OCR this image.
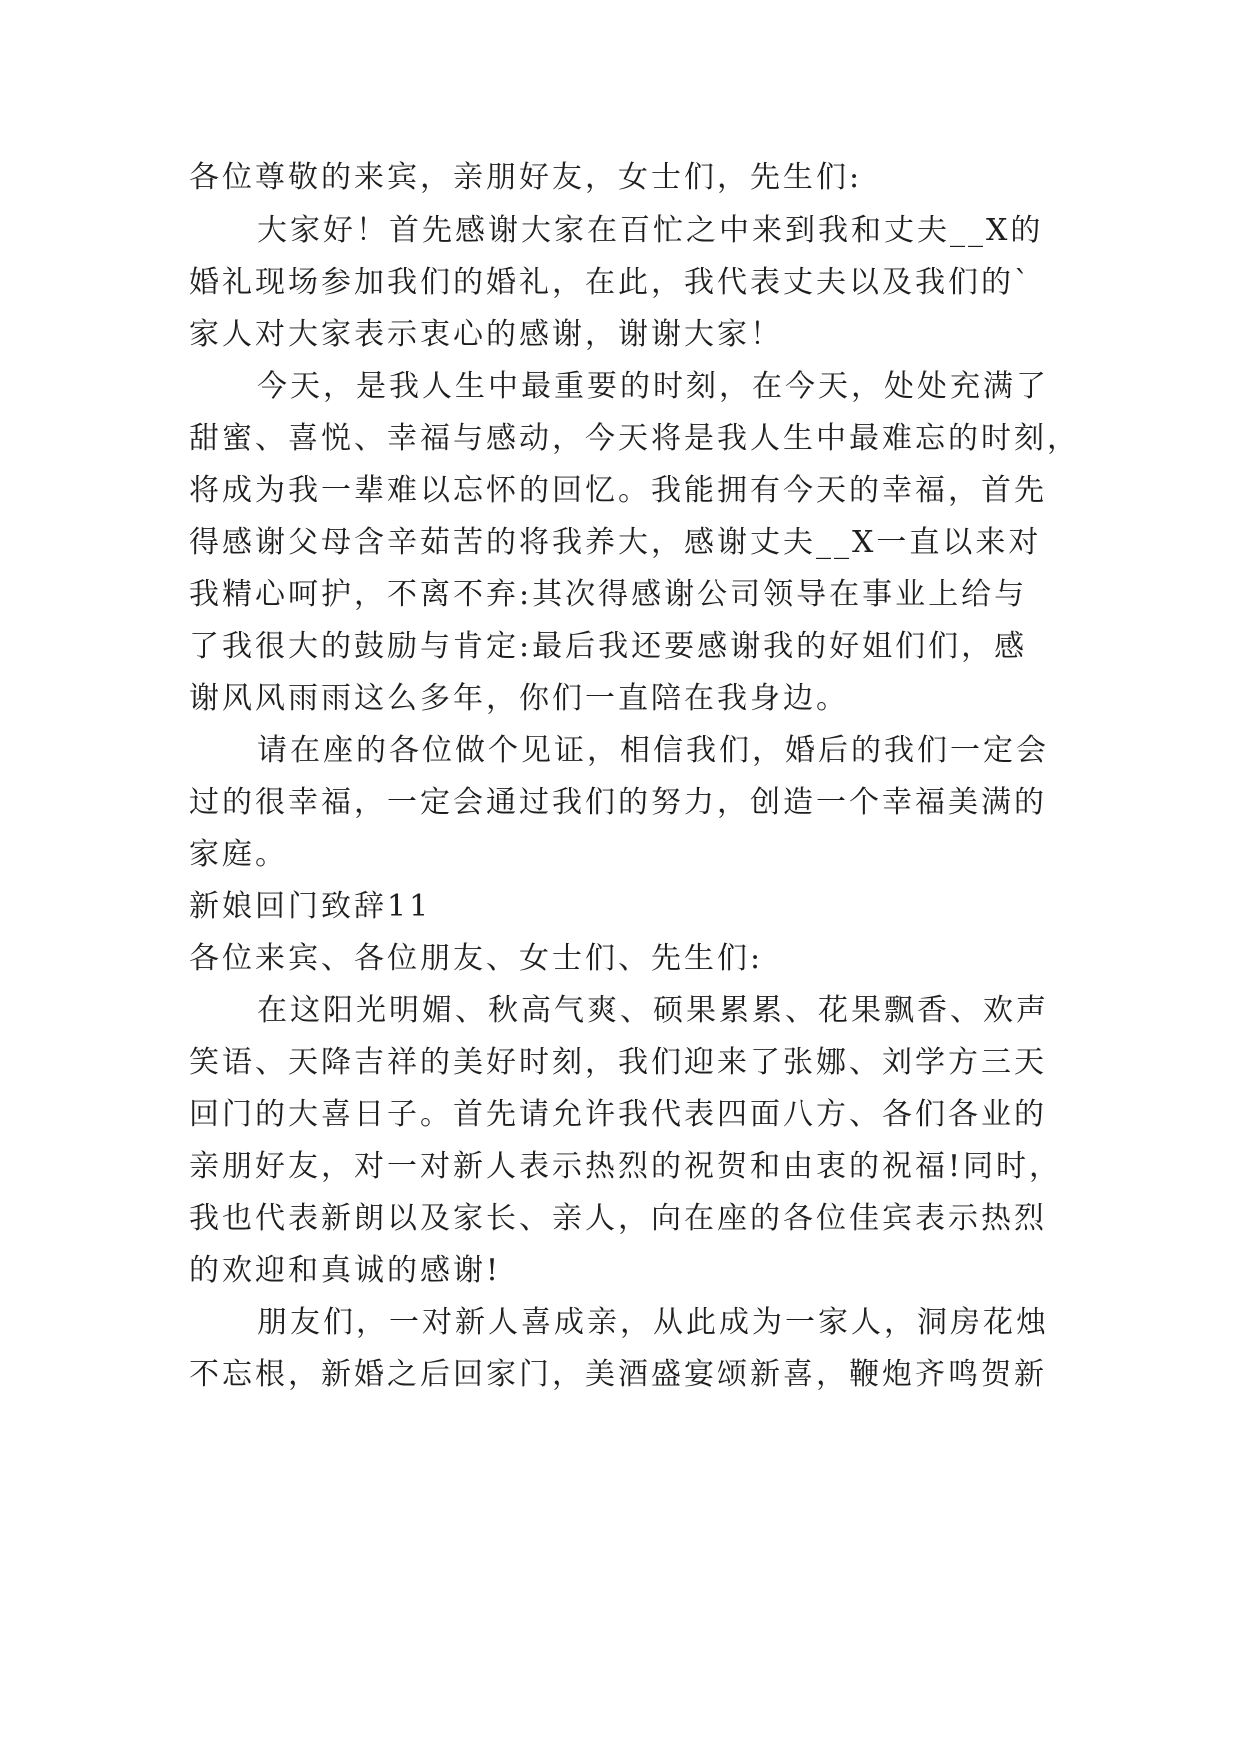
各位尊敬的来宾，亲朋好友，女士们，先生们:
大家好！首先感谢大家在百忙之中来到我和丈夫__X的
婚礼现场参加我们的婚礼，在此，我代表丈夫以及我们的`
家人对大家表示衷心的感谢，谢谢大家！
今天，是我人生中最重要的时刻，在今天，处处充满了
甜蜜、喜悦、幸福与感动，今天将是我人生中最难忘的时刻，
将成为我一辈难以忘怀的回忆。我能拥有今天的幸福，首先
得感谢父母含辛茹苦的将我养大，感谢丈夫__X一直以来对
我精心呵护，不离不弃:其次得感谢公司领导在事业上给与
了我很大的鼓励与肯定:最后我还要感谢我的好姐们们，感
谢风风雨雨这么多年，你们一直陪在我身边。
请在座的各位做个见证，相信我们，婚后的我们一定会
过的很幸福，一定会通过我们的努力，创造一个幸福美满的
家庭。
新娘回门致辞11
各位来宾、各位朋友、女士们、先生们:
在这阳光明媚、秋高气爽、硕果累累、花果飘香、欢声
笑语、天降吉祥的美好时刻，我们迎来了张娜、刘学方三天
回门的大喜日子。首先请允许我代表四面八方、各们各业的
亲朋好友，对一对新人表示热烈的祝贺和由衷的祝福!同时，
我也代表新朗以及家长、亲人，向在座的各位佳宾表示热烈
的欢迎和真诚的感谢!
朋友们，一对新人喜成亲，从此成为一家人，洞房花烛
不忘根，新婚之后回家门，美酒盛宴颂新喜，鞭炮齐鸣贺新
